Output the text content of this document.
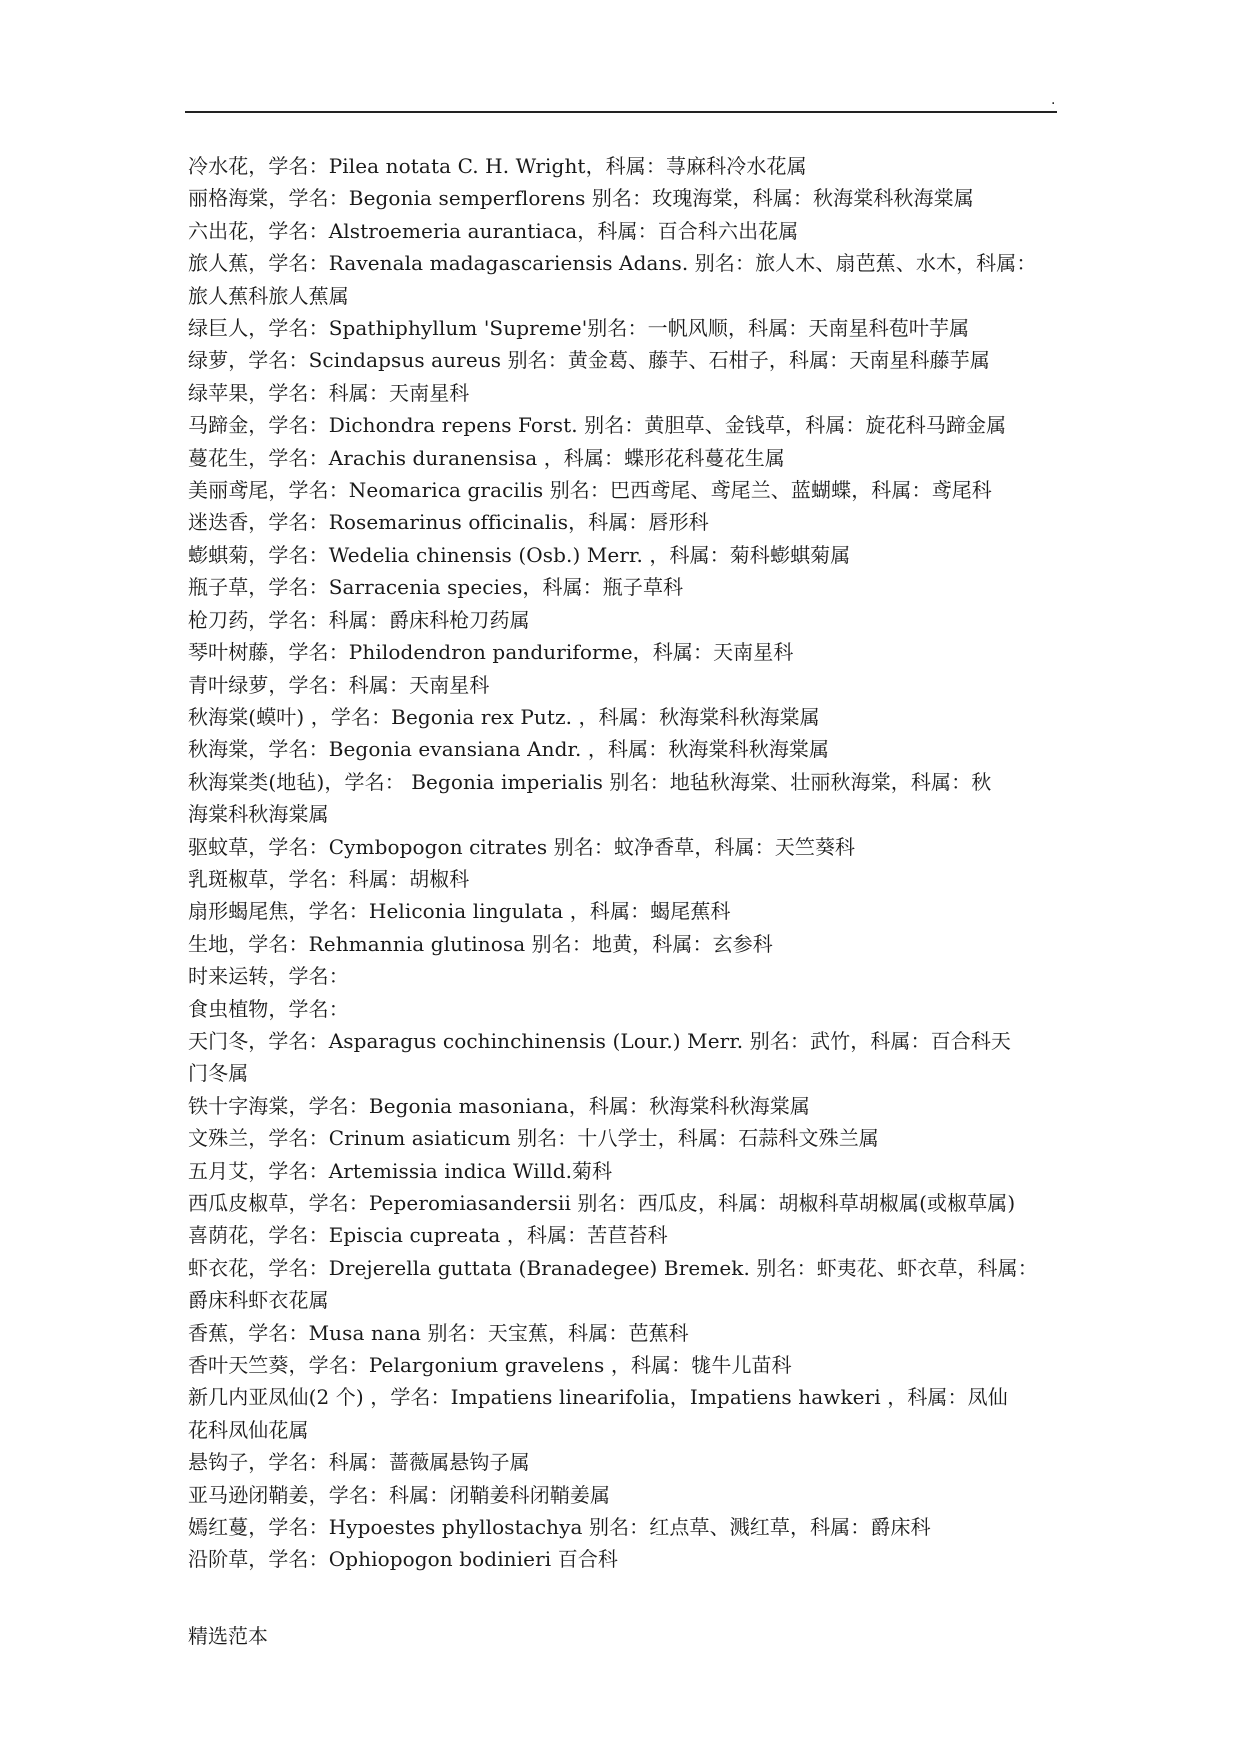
.
冷水花，学名：Pilea notata C. H. Wright，科属：荨麻科冷水花属
丽格海棠，学名：Begonia semperflorens 别名：玫瑰海棠，科属：秋海棠科秋海棠属
六出花，学名：Alstroemeria aurantiaca，科属：百合科六出花属
旅人蕉，学名：Ravenala madagascariensis Adans. 别名：旅人木、扇芭蕉、水木，科属：
旅人蕉科旅人蕉属
绿巨人，学名：Spathiphyllum 'Supreme'别名：一帆风顺，科属：天南星科苞叶芋属
绿萝，学名：Scindapsus aureus 别名：黄金葛、藤芋、石柑子，科属：天南星科藤芋属
绿苹果，学名：科属：天南星科
马蹄金，学名：Dichondra repens Forst. 别名：黄胆草、金钱草，科属：旋花科马蹄金属
蔓花生，学名：Arachis duranensisa ，科属：蝶形花科蔓花生属
美丽鸢尾，学名：Neomarica gracilis 别名：巴西鸢尾、鸢尾兰、蓝蝴蝶，科属：鸢尾科
迷迭香，学名：Rosemarinus officinalis，科属：唇形科
蟛蜞菊，学名：Wedelia chinensis (Osb.) Merr. ，科属：菊科蟛蜞菊属
瓶子草，学名：Sarracenia species，科属：瓶子草科
枪刀药，学名：科属：爵床科枪刀药属
琴叶树藤，学名：Philodendron panduriforme，科属：天南星科
青叶绿萝，学名：科属：天南星科
秋海棠(蟆叶) ，学名：Begonia rex Putz. ，科属：秋海棠科秋海棠属
秋海棠，学名：Begonia evansiana Andr. ，科属：秋海棠科秋海棠属
秋海棠类(地毡)，学名： Begonia imperialis 别名：地毡秋海棠、壮丽秋海棠，科属：秋
海棠科秋海棠属
驱蚊草，学名：Cymbopogon citrates 别名：蚊净香草，科属：天竺葵科
乳斑椒草，学名：科属：胡椒科
扇形蝎尾焦，学名：Heliconia lingulata ，科属：蝎尾蕉科
生地，学名：Rehmannia glutinosa 别名：地黄，科属：玄参科
时来运转，学名：
食虫植物，学名：
天门冬，学名：Asparagus cochinchinensis (Lour.) Merr. 别名：武竹，科属：百合科天
门冬属
铁十字海棠，学名：Begonia masoniana，科属：秋海棠科秋海棠属
文殊兰，学名：Crinum asiaticum 别名：十八学士，科属：石蒜科文殊兰属
五月艾，学名：Artemissia indica Willd.菊科
西瓜皮椒草，学名：Peperomiasandersii 别名：西瓜皮，科属：胡椒科草胡椒属(或椒草属)
喜荫花，学名：Episcia cupreata ，科属：苦苣苔科
虾衣花，学名：Drejerella guttata (Branadegee) Bremek. 别名：虾夷花、虾衣草，科属：
爵床科虾衣花属
香蕉，学名：Musa nana 别名：天宝蕉，科属：芭蕉科
香叶天竺葵，学名：Pelargonium gravelens ，科属：牻牛儿苗科
新几内亚凤仙(2 个) ，学名：Impatiens linearifolia，Impatiens hawkeri ，科属：凤仙
花科凤仙花属
悬钩子，学名：科属：蔷薇属悬钩子属
亚马逊闭鞘姜，学名：科属：闭鞘姜科闭鞘姜属
嫣红蔓，学名：Hypoestes phyllostachya 别名：红点草、溅红草，科属：爵床科
沿阶草，学名：Ophiopogon bodinieri 百合科
精选范本
